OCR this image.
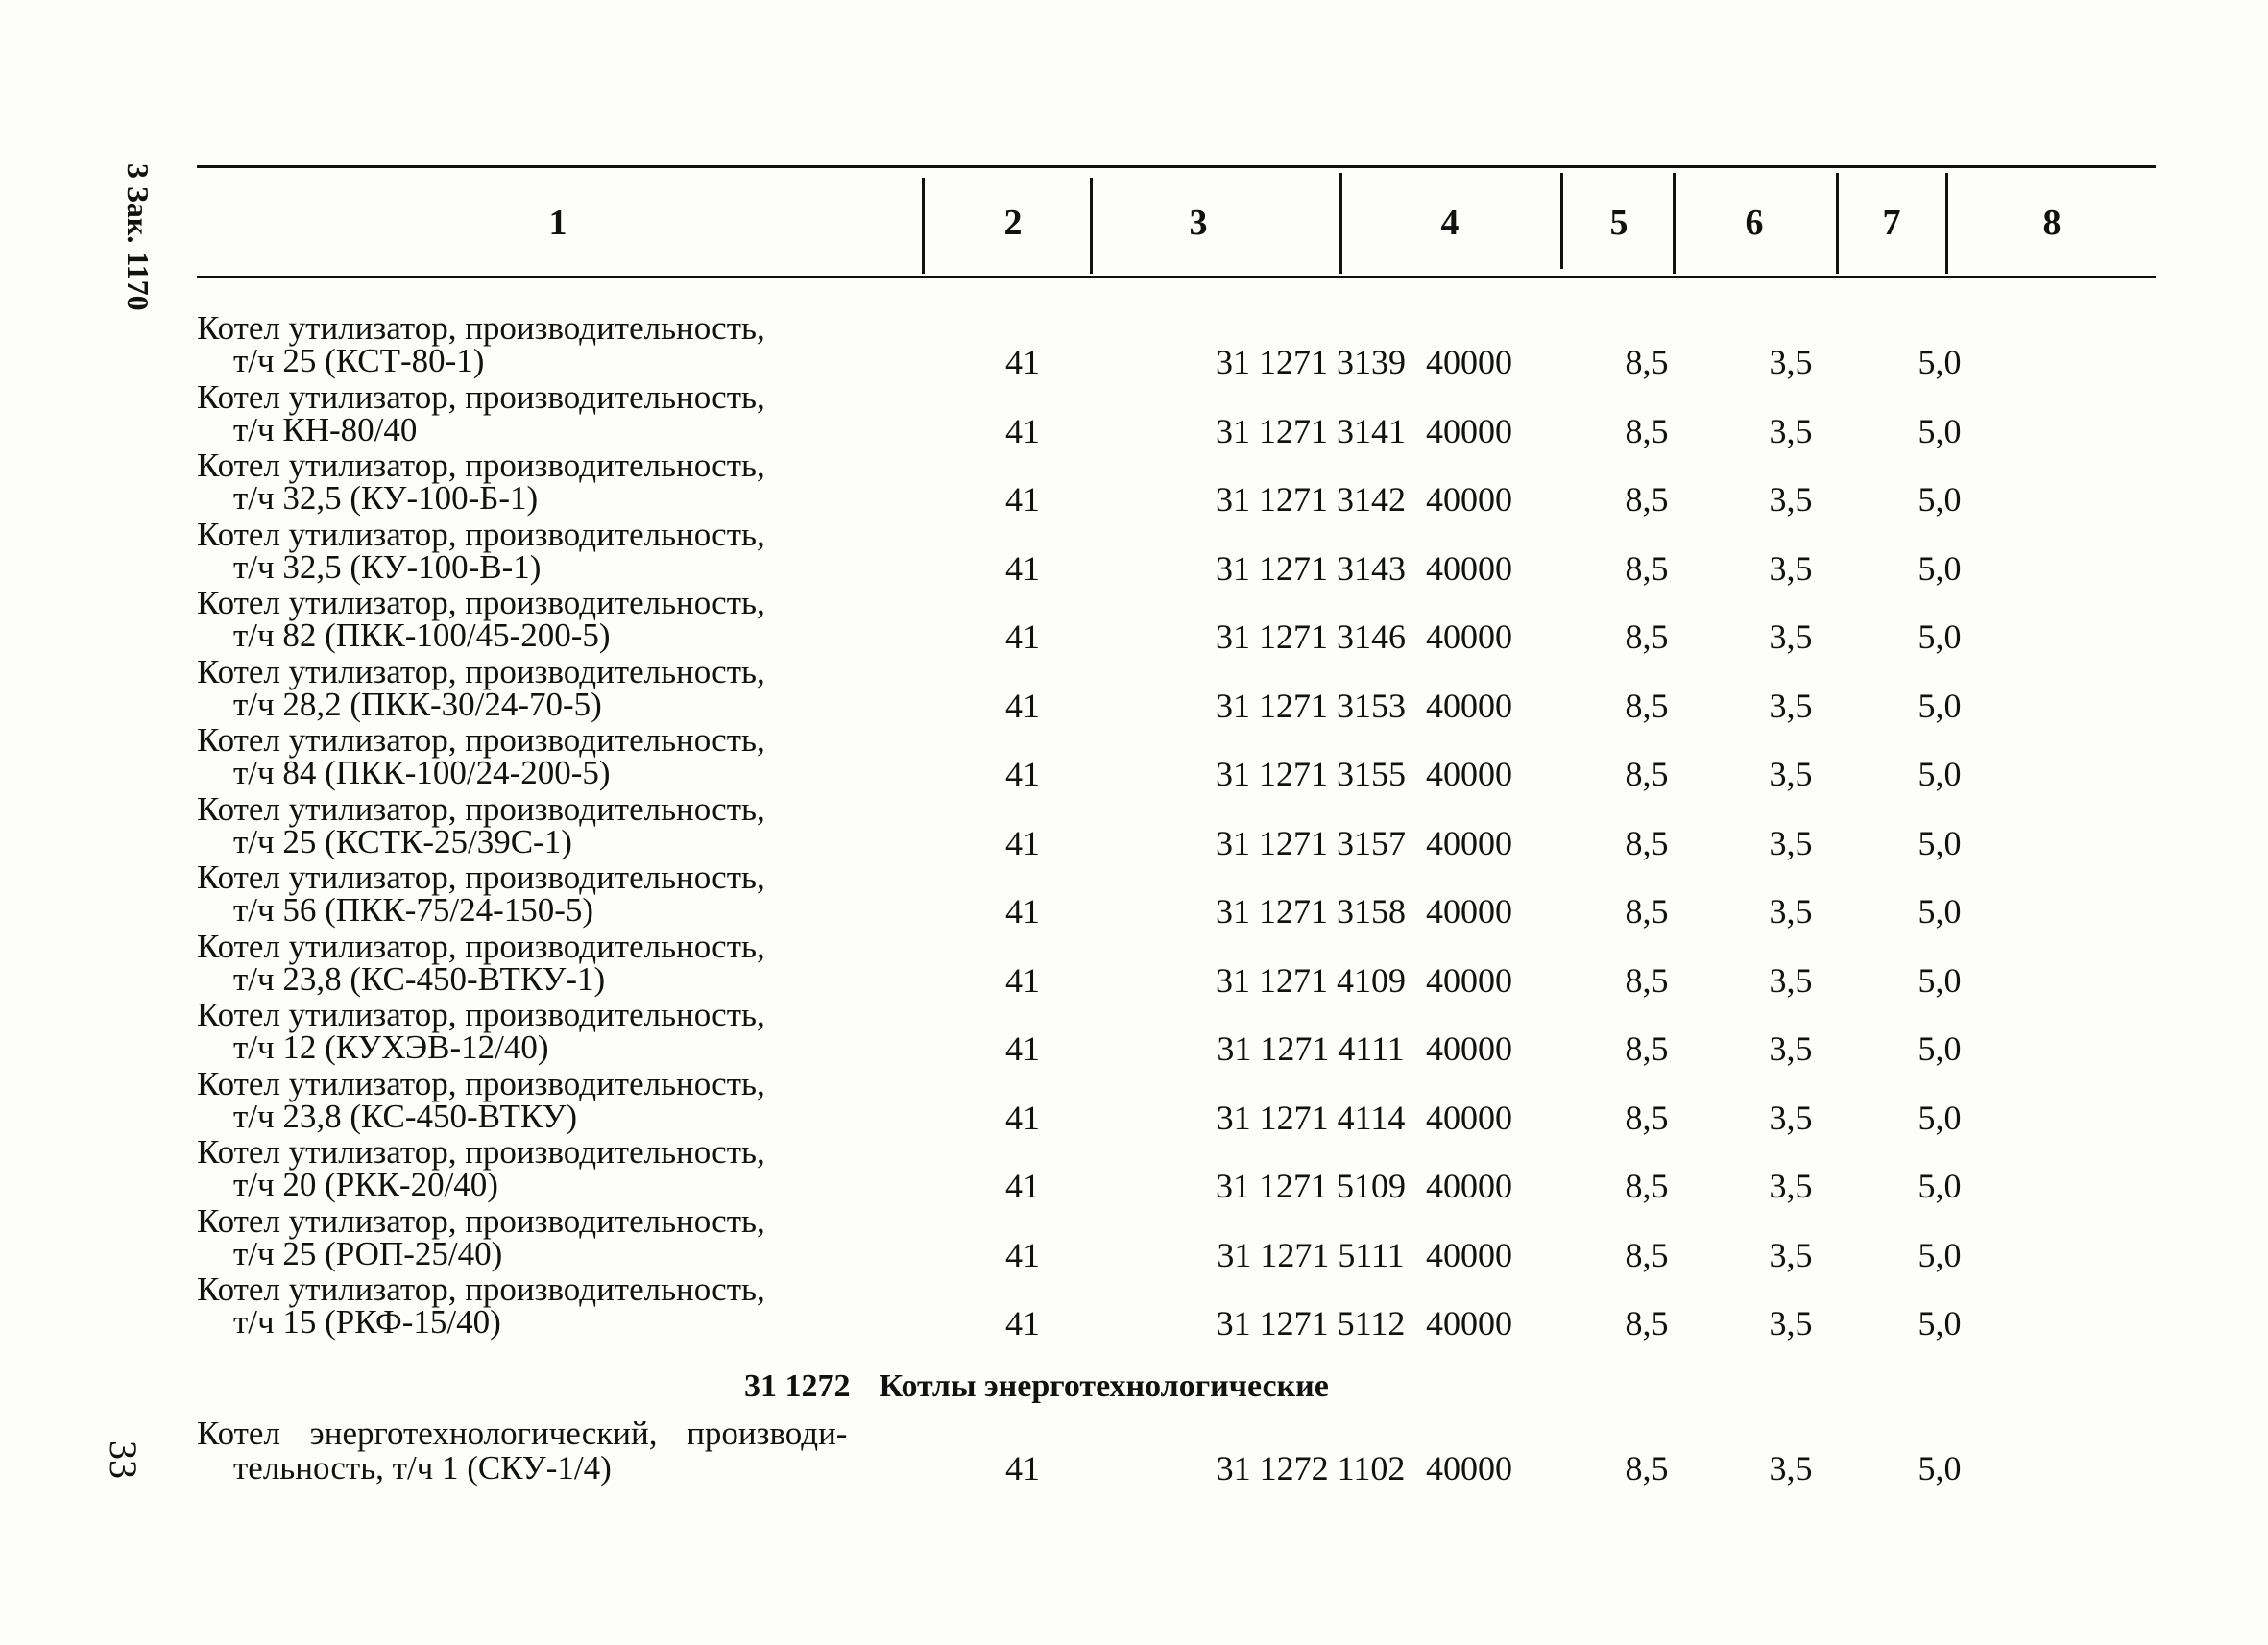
3 Зак. 1170
33
1	2	3	4	5	6	7	8
Котел утилизатор, производительность,
т/ч 25 (КСТ-80-1)	41	31 1271 3139 40000	8,5	3,5	5,0
Котел утилизатор, производительность,
т/ч КН-80/40	41	31 1271 3141 40000	8,5	3,5	5,0
Котел утилизатор, производительность,
т/ч 32,5 (КУ-100-Б-1)	41	31 1271 3142 40000	8,5	3,5	5,0
Котел утилизатор, производительность,
т/ч 32,5 (КУ-100-В-1)	41	31 1271 3143 40000	8,5	3,5	5,0
Котел утилизатор, производительность,
т/ч 82 (ПКК-100/45-200-5)	41	31 1271 3146 40000	8,5	3,5	5,0
Котел утилизатор, производительность,
т/ч 28,2 (ПКК-30/24-70-5)	41	31 1271 3153 40000	8,5	3,5	5,0
Котел утилизатор, производительность,
т/ч 84 (ПКК-100/24-200-5)	41	31 1271 3155 40000	8,5	3,5	5,0
Котел утилизатор, производительность,
т/ч 25 (КСТК-25/39С-1)	41	31 1271 3157 40000	8,5	3,5	5,0
Котел утилизатор, производительность,
т/ч 56 (ПКК-75/24-150-5)	41	31 1271 3158 40000	8,5	3,5	5,0
Котел утилизатор, производительность,
т/ч 23,8 (КС-450-ВТКУ-1)	41	31 1271 4109 40000	8,5	3,5	5,0
Котел утилизатор, производительность,
т/ч 12 (КУХЭВ-12/40)	41	31 1271 4111 40000	8,5	3,5	5,0
Котел утилизатор, производительность,
т/ч 23,8 (КС-450-ВТКУ)	41	31 1271 4114 40000	8,5	3,5	5,0
Котел утилизатор, производительность,
т/ч 20 (РКК-20/40)	41	31 1271 5109 40000	8,5	3,5	5,0
Котел утилизатор, производительность,
т/ч 25 (РОП-25/40)	41	31 1271 5111 40000	8,5	3,5	5,0
Котел утилизатор, производительность,
т/ч 15 (РКФ-15/40)	41	31 1271 5112 40000	8,5	3,5	5,0
31 1272 Котлы энерготехнологические
Котел энерготехнологический, производи-
тельность, т/ч 1 (СКУ-1/4)	41	31 1272 1102 40000	8,5	3,5	5,0
